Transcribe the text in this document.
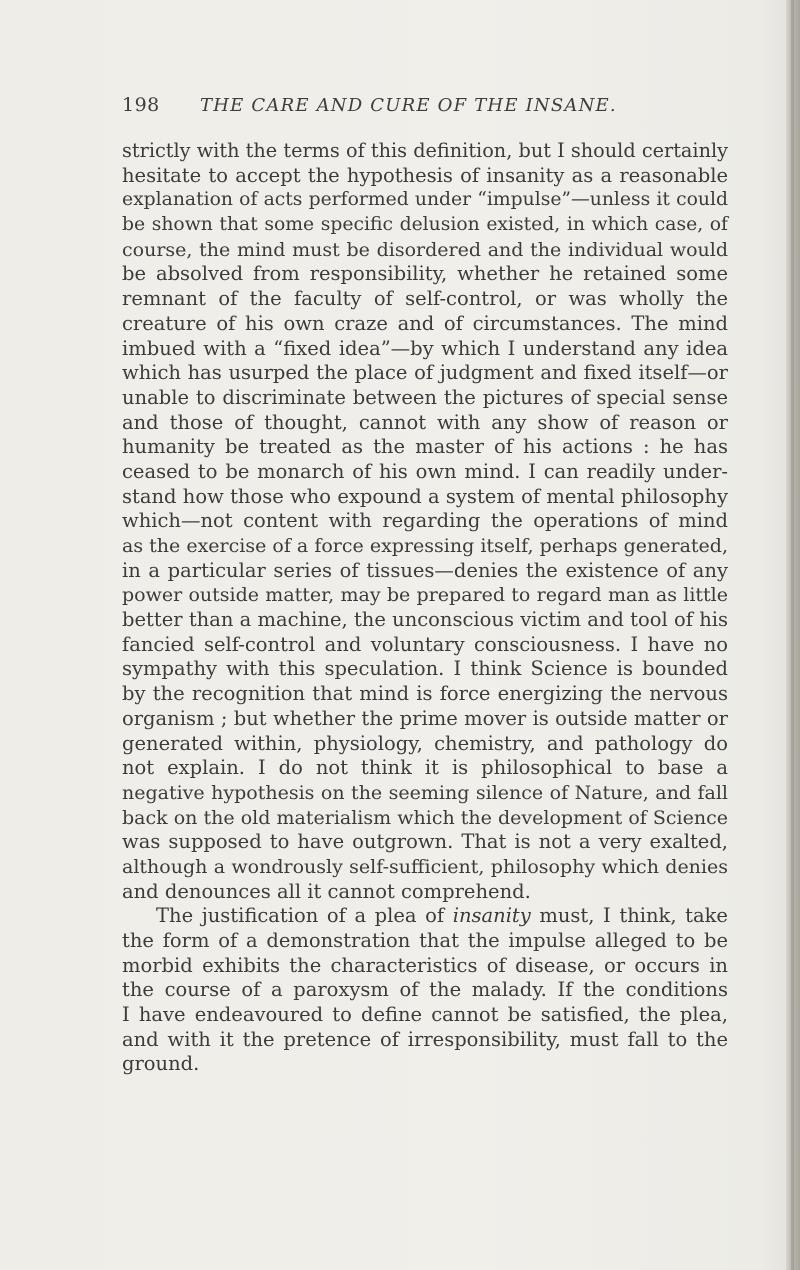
198 THE CARE AND CURE OF THE INSANE.
strictly with the terms of this definition, but I should certainly
hesitate to accept the hypothesis of insanity as a reasonable
explanation of acts performed under “impulse”—unless it could
be shown that some specific delusion existed, in which case, of
course, the mind must be disordered and the individual would
be absolved from responsibility, whether he retained some
remnant of the faculty of self-control, or was wholly the
creature of his own craze and of circumstances. The mind
imbued with a “fixed idea”—by which I understand any idea
which has usurped the place of judgment and fixed itself—or
unable to discriminate between the pictures of special sense
and those of thought, cannot with any show of reason or
humanity be treated as the master of his actions : he has
ceased to be monarch of his own mind. I can readily under-
stand how those who expound a system of mental philosophy
which—not content with regarding the operations of mind
as the exercise of a force expressing itself, perhaps generated,
in a particular series of tissues—denies the existence of any
power outside matter, may be prepared to regard man as little
better than a machine, the unconscious victim and tool of his
fancied self-control and voluntary consciousness. I have no
sympathy with this speculation. I think Science is bounded
by the recognition that mind is force energizing the nervous
organism ; but whether the prime mover is outside matter or
generated within, physiology, chemistry, and pathology do
not explain. I do not think it is philosophical to base a
negative hypothesis on the seeming silence of Nature, and fall
back on the old materialism which the development of Science
was supposed to have outgrown. That is not a very exalted,
although a wondrously self-sufficient, philosophy which denies
and denounces all it cannot comprehend.
The justification of a plea of insanity must, I think, take
the form of a demonstration that the impulse alleged to be
morbid exhibits the characteristics of disease, or occurs in
the course of a paroxysm of the malady. If the conditions
I have endeavoured to define cannot be satisfied, the plea,
and with it the pretence of irresponsibility, must fall to the
ground.
